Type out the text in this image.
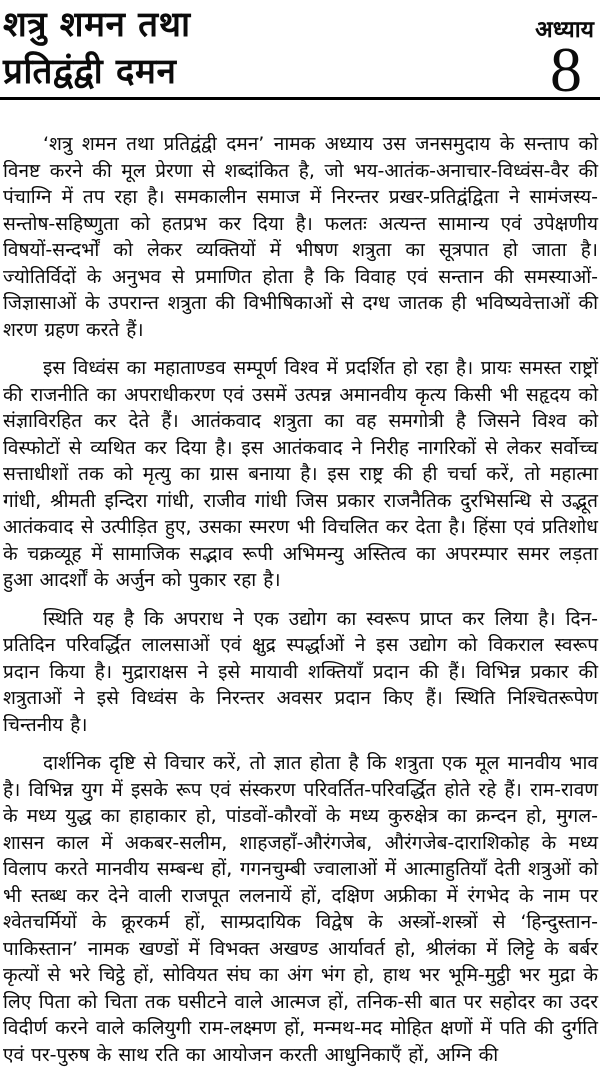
शत्रु शमन तथा
प्रतिद्वंद्वी दमन
अध्याय
8

‘शत्रु शमन तथा प्रतिद्वंद्वी दमन’ नामक अध्याय उस जनसमुदाय के सन्ताप को विनष्ट करने की मूल प्रेरणा से शब्दांकित है, जो भय-आतंक-अनाचार-विध्वंस-वैर की पंचाग्नि में तप रहा है। समकालीन समाज में निरन्तर प्रखर-प्रतिद्वंद्विता ने सामंजस्य-सन्तोष-सहिष्णुता को हतप्रभ कर दिया है। फलतः अत्यन्त सामान्य एवं उपेक्षणीय विषयों-सन्दर्भों को लेकर व्यक्तियों में भीषण शत्रुता का सूत्रपात हो जाता है। ज्योतिर्विदों के अनुभव से प्रमाणित होता है कि विवाह एवं सन्तान की समस्याओं-जिज्ञासाओं के उपरान्त शत्रुता की विभीषिकाओं से दग्ध जातक ही भविष्यवेत्ताओं की शरण ग्रहण करते हैं।

इस विध्वंस का महाताण्डव सम्पूर्ण विश्व में प्रदर्शित हो रहा है। प्रायः समस्त राष्ट्रों की राजनीति का अपराधीकरण एवं उसमें उत्पन्न अमानवीय कृत्य किसी भी सहृदय को संज्ञाविरहित कर देते हैं। आतंकवाद शत्रुता का वह समगोत्री है जिसने विश्व को विस्फोटों से व्यथित कर दिया है। इस आतंकवाद ने निरीह नागरिकों से लेकर सर्वोच्च सत्ताधीशों तक को मृत्यु का ग्रास बनाया है। इस राष्ट्र की ही चर्चा करें, तो महात्मा गांधी, श्रीमती इन्दिरा गांधी, राजीव गांधी जिस प्रकार राजनैतिक दुरभिसन्धि से उद्भूत आतंकवाद से उत्पीड़ित हुए, उसका स्मरण भी विचलित कर देता है। हिंसा एवं प्रतिशोध के चक्रव्यूह में सामाजिक सद्भाव रूपी अभिमन्यु अस्तित्व का अपरम्पार समर लड़ता हुआ आदर्शों के अर्जुन को पुकार रहा है।

स्थिति यह है कि अपराध ने एक उद्योग का स्वरूप प्राप्त कर लिया है। दिन-प्रतिदिन परिवर्द्धित लालसाओं एवं क्षुद्र स्पर्द्धाओं ने इस उद्योग को विकराल स्वरूप प्रदान किया है। मुद्राराक्षस ने इसे मायावी शक्तियाँ प्रदान की हैं। विभिन्न प्रकार की शत्रुताओं ने इसे विध्वंस के निरन्तर अवसर प्रदान किए हैं। स्थिति निश्चितरूपेण चिन्तनीय है।

दार्शनिक दृष्टि से विचार करें, तो ज्ञात होता है कि शत्रुता एक मूल मानवीय भाव है। विभिन्न युग में इसके रूप एवं संस्करण परिवर्तित-परिवर्द्धित होते रहे हैं। राम-रावण के मध्य युद्ध का हाहाकार हो, पांडवों-कौरवों के मध्य कुरुक्षेत्र का क्रन्दन हो, मुगल-शासन काल में अकबर-सलीम, शाहजहाँ-औरंगजेब, औरंगजेब-दाराशिकोह के मध्य विलाप करते मानवीय सम्बन्ध हों, गगनचुम्बी ज्वालाओं में आत्माहुतियाँ देती शत्रुओं को भी स्तब्ध कर देने वाली राजपूत ललनायें हों, दक्षिण अफ्रीका में रंगभेद के नाम पर श्वेतचर्मियों के क्रूरकर्म हों, साम्प्रदायिक विद्वेष के अस्त्रों-शस्त्रों से ‘हिन्दुस्तान-पाकिस्तान’ नामक खण्डों में विभक्त अखण्ड आर्यावर्त हो, श्रीलंका में लिट्टे के बर्बर कृत्यों से भरे चिट्ठे हों, सोवियत संघ का अंग भंग हो, हाथ भर भूमि-मुट्ठी भर मुद्रा के लिए पिता को चिता तक घसीटने वाले आत्मज हों, तनिक-सी बात पर सहोदर का उदर विदीर्ण करने वाले कलियुगी राम-लक्ष्मण हों, मन्मथ-मद मोहित क्षणों में पति की दुर्गति एवं पर-पुरुष के साथ रति का आयोजन करती आधुनिकाएँ हों, अग्नि की
